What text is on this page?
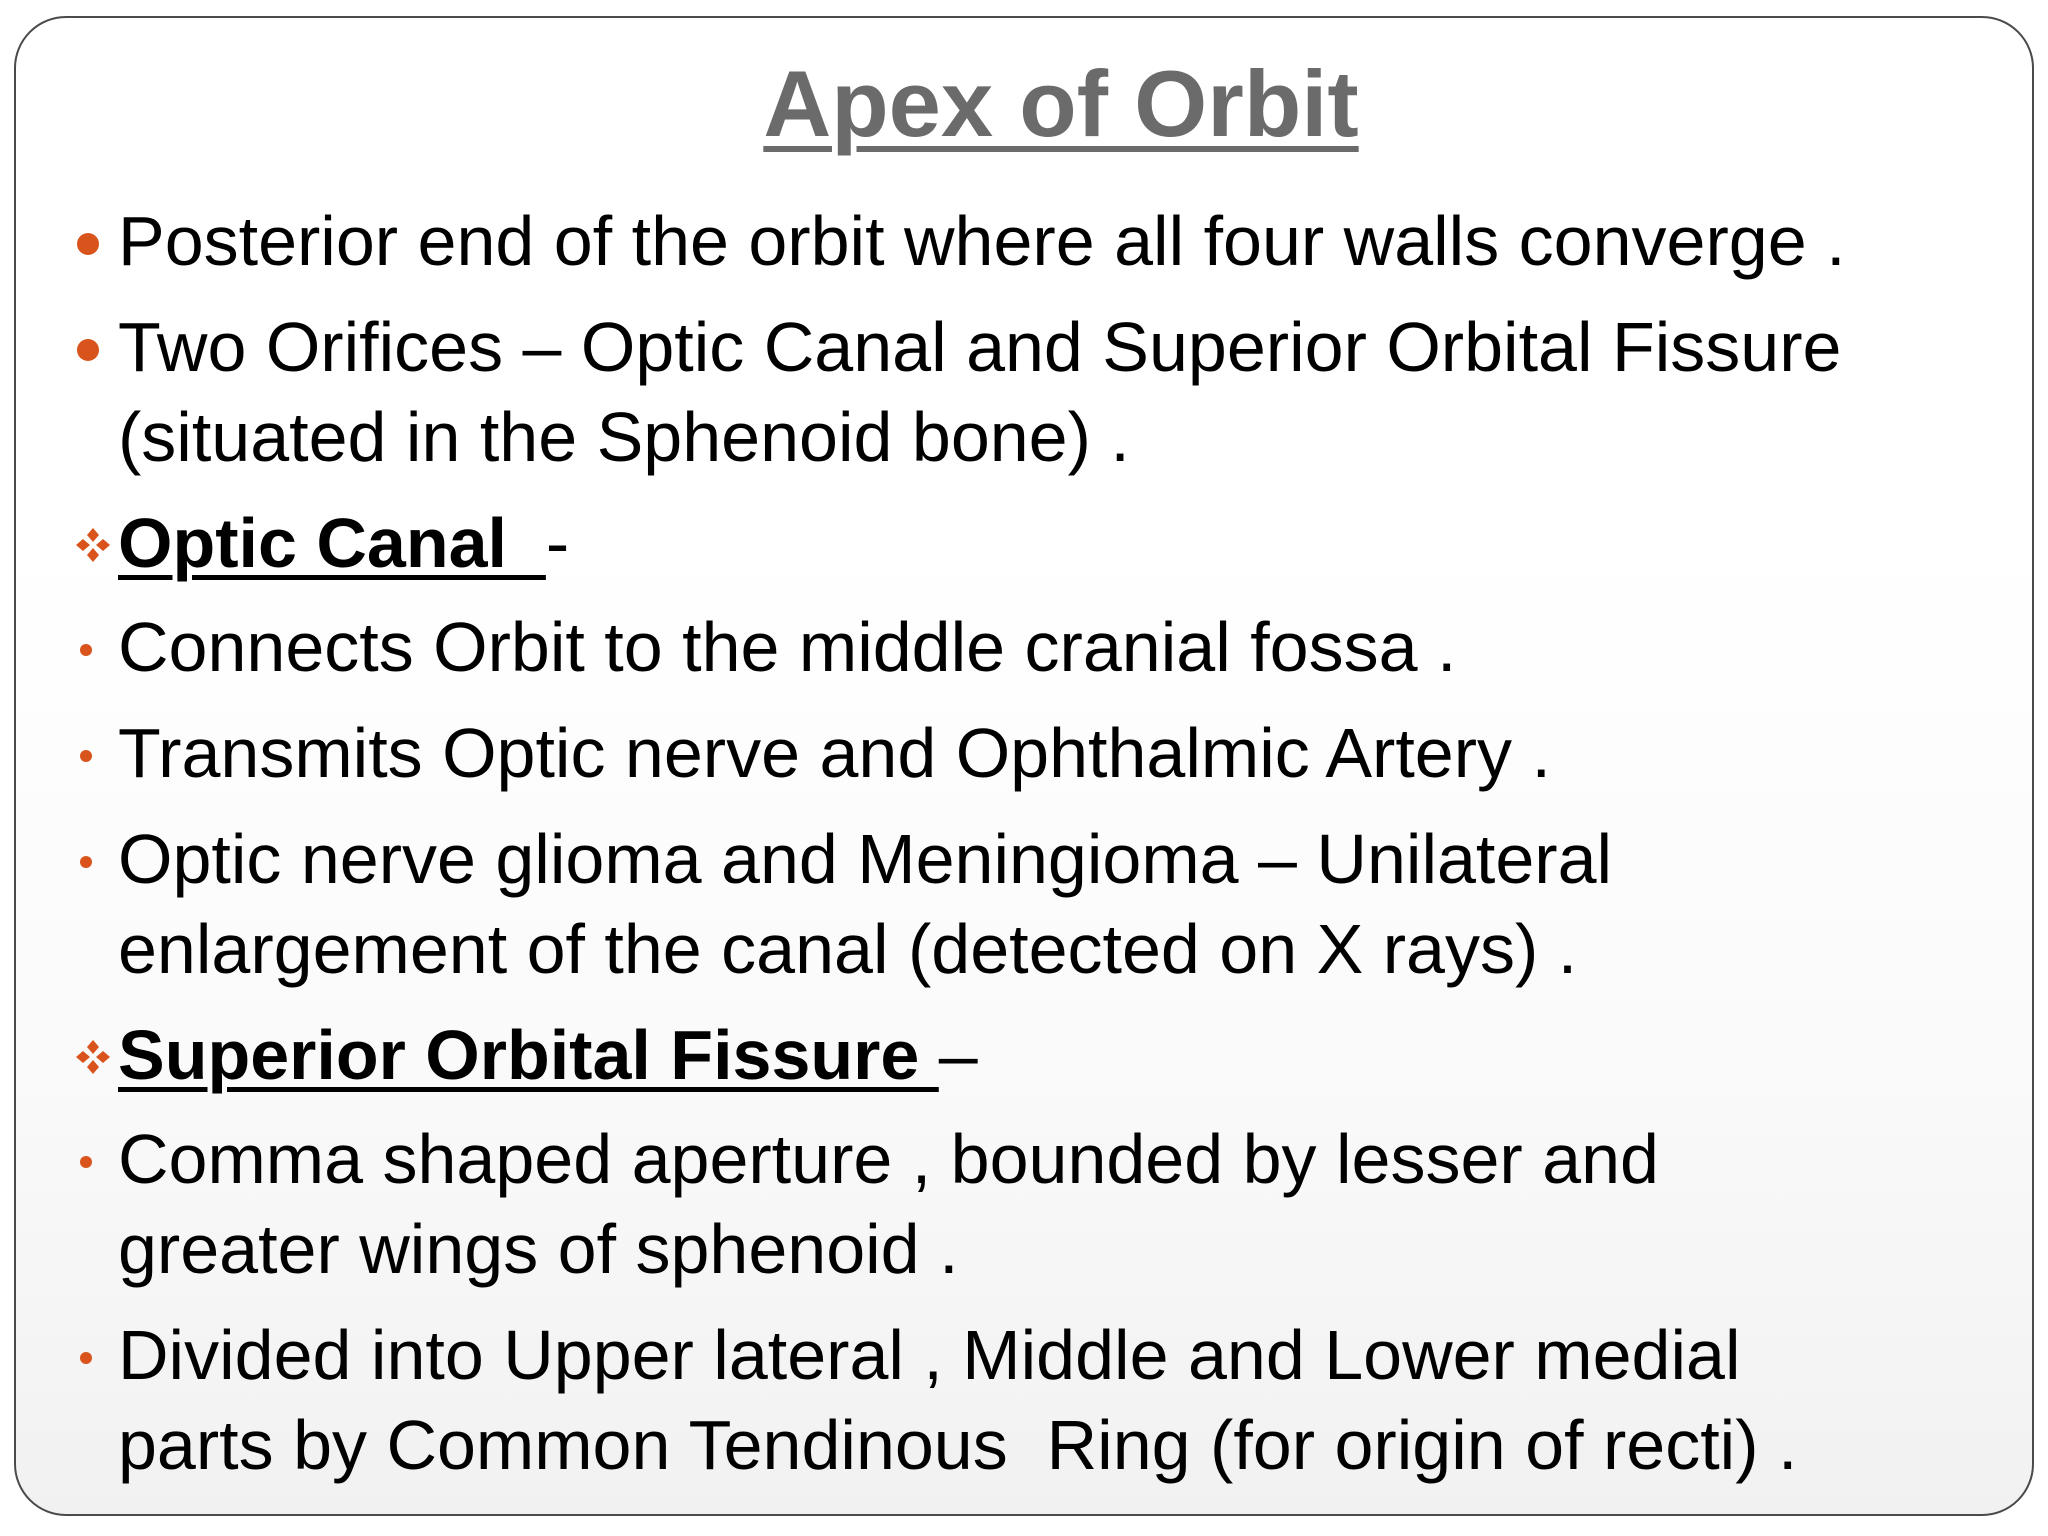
Apex of Orbit
Posterior end of the orbit where all four walls converge .
Two Orifices – Optic Canal and Superior Orbital Fissure
(situated in the Sphenoid bone) .
Optic Canal  -
Connects Orbit to the middle cranial fossa .
Transmits Optic nerve and Ophthalmic Artery .
Optic nerve glioma and Meningioma – Unilateral
enlargement of the canal (detected on X rays) .
Superior Orbital Fissure –
Comma shaped aperture , bounded by lesser and
greater wings of sphenoid .
Divided into Upper lateral , Middle and Lower medial
parts by Common Tendinous  Ring (for origin of recti) .
